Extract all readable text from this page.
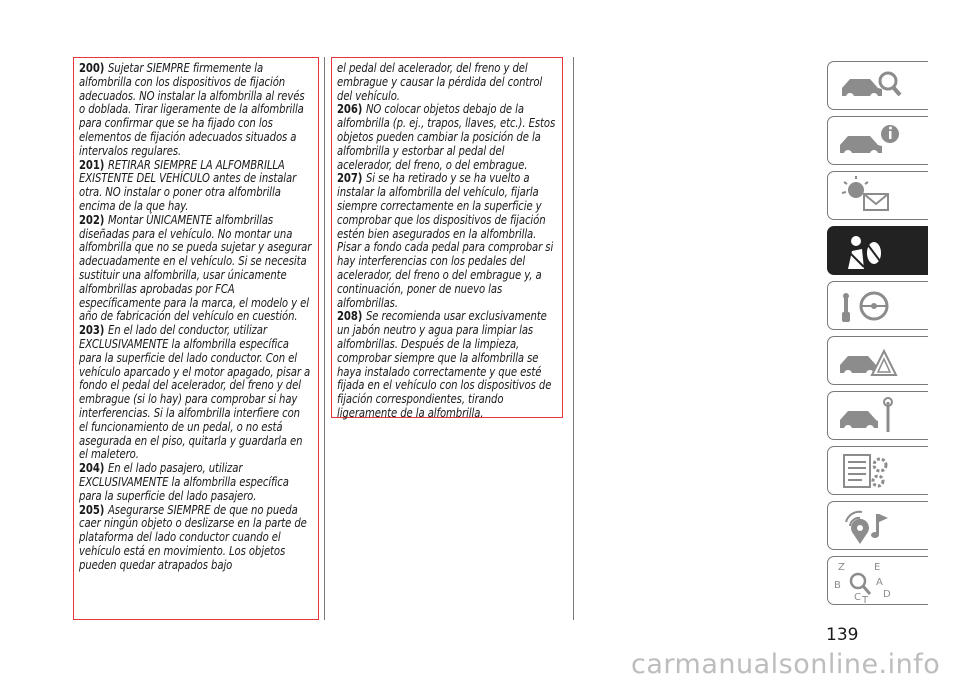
200) Sujetar SIEMPRE firmemente la alfombrilla con los dispositivos de fijación adecuados. NO instalar la alfombrilla al revés o doblada. Tirar ligeramente de la alfombrilla para confirmar que se ha fijado con los elementos de fijación adecuados situados a intervalos regulares.
201) RETIRAR SIEMPRE LA ALFOMBRILLA EXISTENTE DEL VEHÍCULO antes de instalar otra. NO instalar o poner otra alfombrilla encima de la que hay.
202) Montar ÚNICAMENTE alfombrillas diseñadas para el vehículo. No montar una alfombrilla que no se pueda sujetar y asegurar adecuadamente en el vehículo. Si se necesita sustituir una alfombrilla, usar únicamente alfombrillas aprobadas por FCA específicamente para la marca, el modelo y el año de fabricación del vehículo en cuestión.
203) En el lado del conductor, utilizar EXCLUSIVAMENTE la alfombrilla específica para la superficie del lado conductor. Con el vehículo aparcado y el motor apagado, pisar a fondo el pedal del acelerador, del freno y del embrague (si lo hay) para comprobar si hay interferencias. Si la alfombrilla interfiere con el funcionamiento de un pedal, o no está asegurada en el piso, quitarla y guardarla en el maletero.
204) En el lado pasajero, utilizar EXCLUSIVAMENTE la alfombrilla específica para la superficie del lado pasajero.
205) Asegurarse SIEMPRE de que no pueda caer ningún objeto o deslizarse en la parte de plataforma del lado conductor cuando el vehículo está en movimiento. Los objetos pueden quedar atrapados bajo
el pedal del acelerador, del freno y del embrague y causar la pérdida del control del vehículo.
206) NO colocar objetos debajo de la alfombrilla (p. ej., trapos, llaves, etc.). Estos objetos pueden cambiar la posición de la alfombrilla y estorbar al pedal del acelerador, del freno, o del embrague.
207) Si se ha retirado y se ha vuelto a instalar la alfombrilla del vehículo, fijarla siempre correctamente en la superficie y comprobar que los dispositivos de fijación estén bien asegurados en la alfombrilla. Pisar a fondo cada pedal para comprobar si hay interferencias con los pedales del acelerador, del freno o del embrague y, a continuación, poner de nuevo las alfombrillas.
208) Se recomienda usar exclusivamente un jabón neutro y agua para limpiar las alfombrillas. Después de la limpieza, comprobar siempre que la alfombrilla se haya instalado correctamente y que esté fijada en el vehículo con los dispositivos de fijación correspondientes, tirando ligeramente de la alfombrilla.
Z	E
B	A
C T
D
139
carmanualsonline.info
